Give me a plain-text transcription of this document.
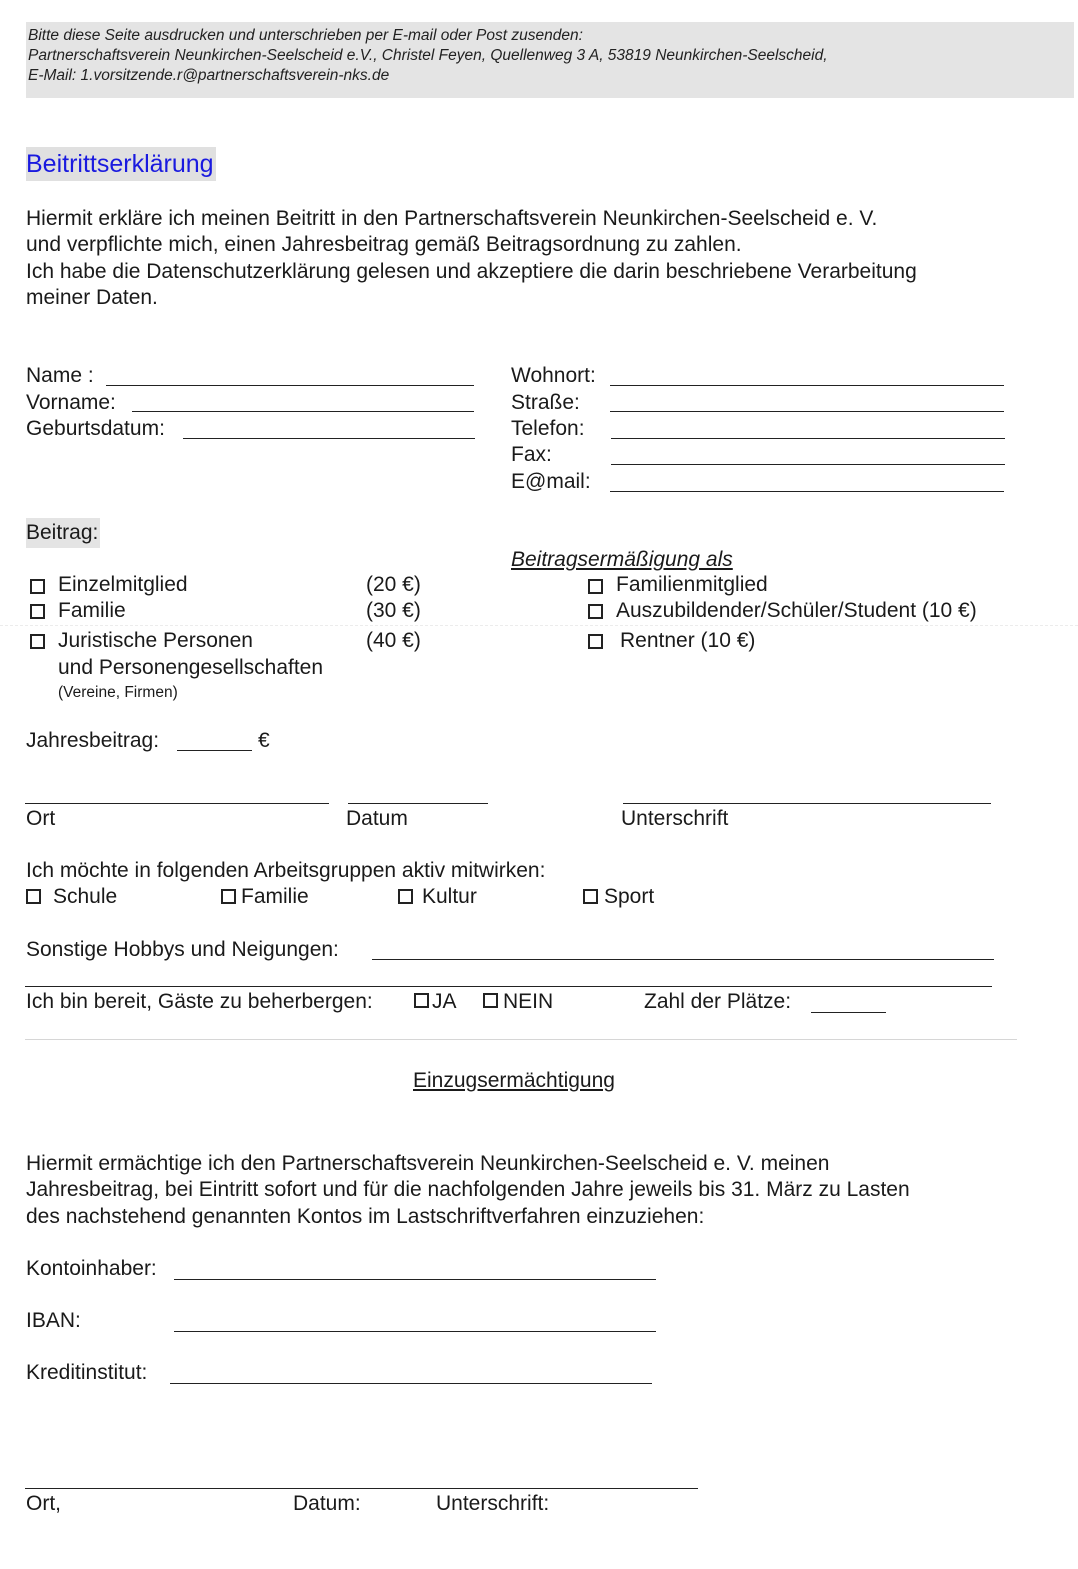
Bitte diese Seite ausdrucken und unterschrieben per E-mail oder Post zusenden:
Partnerschaftsverein Neunkirchen-Seelscheid e.V., Christel Feyen, Quellenweg 3 A, 53819 Neunkirchen-Seelscheid,
E-Mail: 1.vorsitzende.r@partnerschaftsverein-nks.de
Beitrittserklärung
Hiermit erkläre ich meinen Beitritt in den Partnerschaftsverein Neunkirchen-Seelscheid e. V.
und verpflichte mich, einen Jahresbeitrag gemäß Beitragsordnung zu zahlen.
Ich habe die Datenschutzerklärung gelesen und akzeptiere die darin beschriebene Verarbeitung
meiner Daten.
Name :
Vorname:
Geburtsdatum:
Wohnort:
Straße:
Telefon:
Fax:
E@mail:
Beitrag:
Beitragsermäßigung als
Einzelmitglied	(20 €)
Familie	(30 €)
Juristische Personen	(40 €)
und Personengesellschaften
(Vereine, Firmen)
Familienmitglied
Auszubildender/Schüler/Student (10 €)
Rentner (10 €)
Jahresbeitrag:	€
Ort	Datum	Unterschrift
Ich möchte in folgenden Arbeitsgruppen aktiv mitwirken:
Schule	Familie	Kultur	Sport
Sonstige Hobbys und Neigungen:
Ich bin bereit, Gäste zu beherbergen:	JA NEIN	Zahl der Plätze:
Einzugsermächtigung
Hiermit ermächtige ich den Partnerschaftsverein Neunkirchen-Seelscheid e. V. meinen
Jahresbeitrag, bei Eintritt sofort und für die nachfolgenden Jahre jeweils bis 31. März zu Lasten
des nachstehend genannten Kontos im Lastschriftverfahren einzuziehen:
Kontoinhaber:
IBAN:
Kreditinstitut:
Ort,	Datum:	Unterschrift:
